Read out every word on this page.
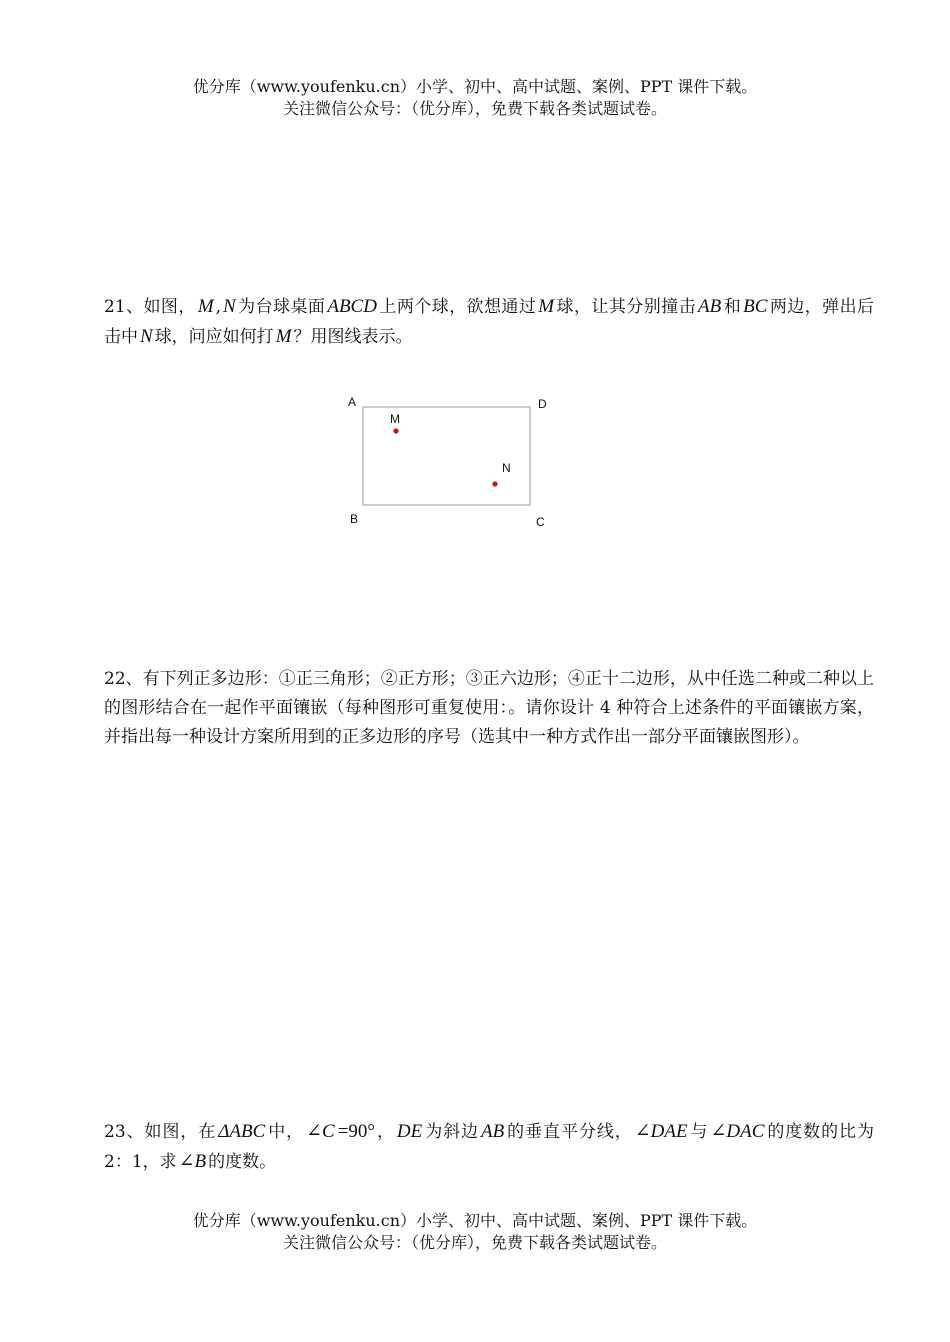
优分库（www.youfenku.cn）小学、初中、高中试题、案例、PPT 课件下载。
关注微信公众号：（优分库），免费下载各类试题试卷。
21、如图， M , N 为台球桌面 ABCD 上两个球，欲想通过 M 球，让其分别撞击 AB 和 BC 两边，弹出后击中 N 球，问应如何打 M ？用图线表示。
A	D
B	C
M
N
22、有下列正多边形：①正三角形；②正方形；③正六边形；④正十二边形，从中任选二种或二种以上的图形结合在一起作平面镶嵌（每种图形可重复使用：。请你设计 4 种符合上述条件的平面镶嵌方案，并指出每一种设计方案所用到的正多边形的序号（选其中一种方式作出一部分平面镶嵌图形）。
23、如图，在 ΔABC 中， ∠C =90°， DE 为斜边 AB 的垂直平分线， ∠DAE 与 ∠DAC 的度数的比为 2：1，求 ∠B 的度数。
优分库（www.youfenku.cn）小学、初中、高中试题、案例、PPT 课件下载。
关注微信公众号：（优分库），免费下载各类试题试卷。
